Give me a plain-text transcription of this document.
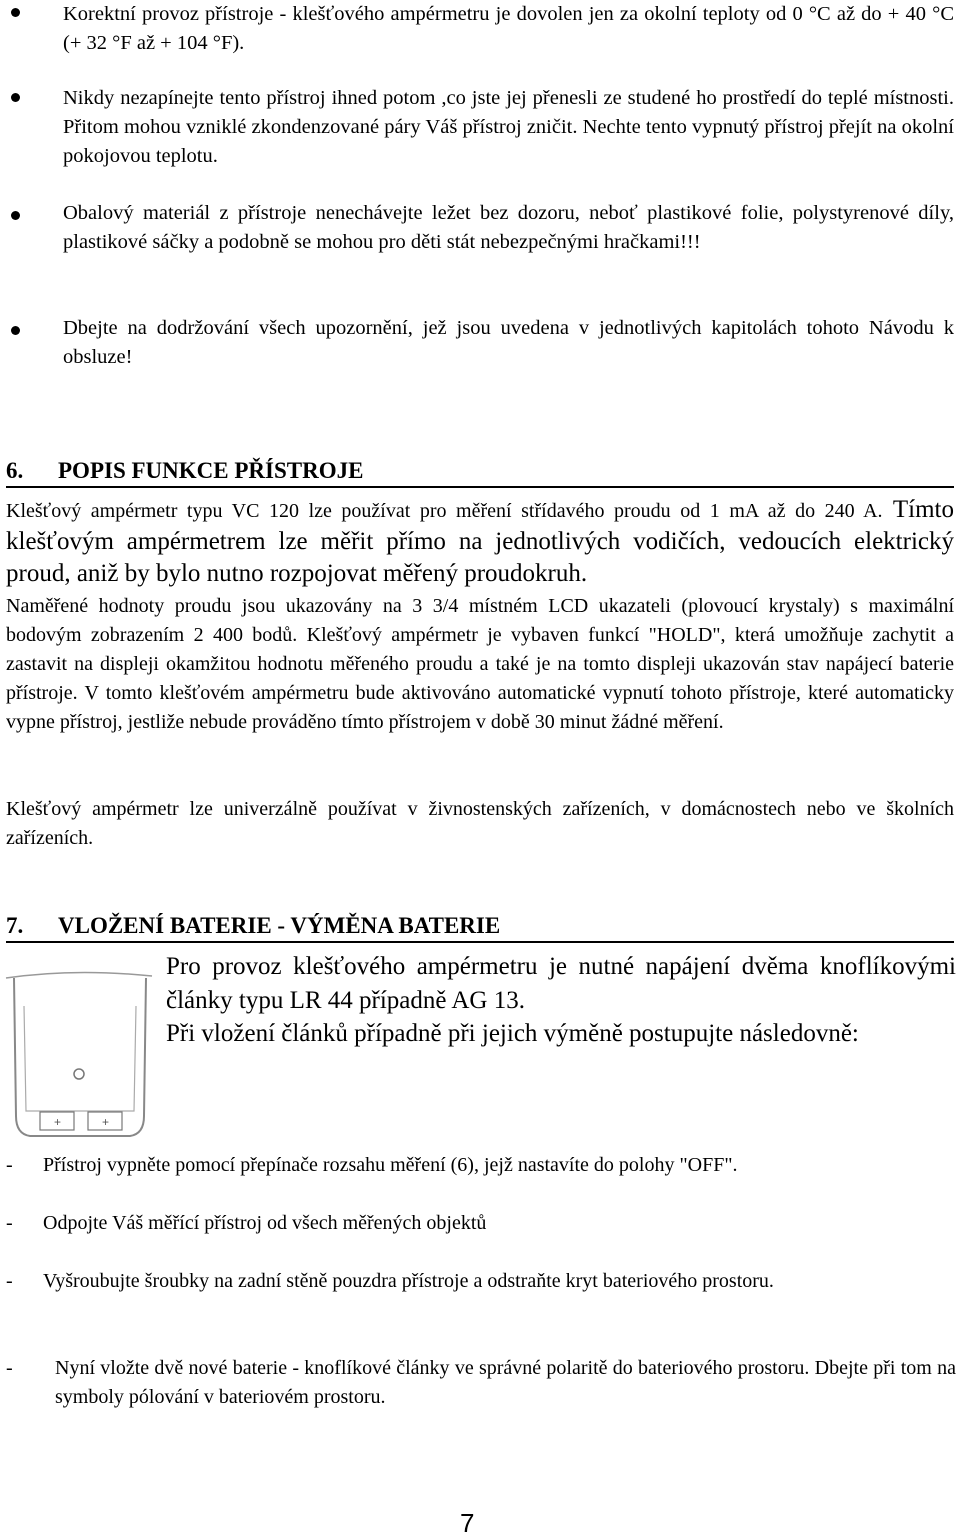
Korektní provoz přístroje - klešťového ampérmetru je dovolen jen za okolní teploty od 0 °C až do + 40 °C (+ 32 °F až + 104 °F).

Nikdy nezapínejte tento přístroj ihned potom ,co jste jej přenesli ze studené ho prostředí do teplé místnosti. Přitom mohou vzniklé zkondenzované páry Váš přístroj zničit. Nechte tento vypnutý přístroj přejít na okolní pokojovou teplotu.

Obalový materiál z přístroje nenechávejte ležet bez dozoru, neboť plastikové folie, polystyrenové díly, plastikové sáčky a podobně se mohou pro děti stát nebezpečnými hračkami!!!

Dbejte na dodržování všech upozornění, jež jsou uvedena v jednotlivých kapitolách tohoto Návodu k obsluze!

6. POPIS FUNKCE PŘÍSTROJE

Klešťový ampérmetr typu VC 120 lze používat pro měření střídavého proudu od 1 mA až do 240 A. Tímto klešťovým ampérmetrem lze měřit přímo na jednotlivých vodičích, vedoucích elektrický proud, aniž by bylo nutno rozpojovat měřený proudokruh.

Naměřené hodnoty proudu jsou ukazovány na 3 3/4 místném LCD ukazateli (plovoucí krystaly) s maximální bodovým zobrazením 2 400 bodů. Klešťový ampérmetr je vybaven funkcí "HOLD", která umožňuje zachytit a zastavit na displeji okamžitou hodnotu měřeného proudu a také je na tomto displeji ukazován stav napájecí baterie přístroje. V tomto klešťovém ampérmetru bude aktivováno automatické vypnutí tohoto přístroje, které automaticky vypne přístroj, jestliže nebude prováděno tímto přístrojem v době 30 minut žádné měření.

Klešťový ampérmetr lze univerzálně používat v živnostenských zařízeních, v domácnostech nebo ve školních zařízeních.

7. VLOŽENÍ BATERIE - VÝMĚNA BATERIE
+	+

Pro provoz klešťového ampérmetru je nutné napájení dvěma knoflíkovými články typu LR 44 případně AG 13.

Při vložení článků případně při jejich výměně postupujte následovně:

- Přístroj vypněte pomocí přepínače rozsahu měření (6), jejž nastavíte do polohy "OFF".

- Odpojte Váš měřící přístroj od všech měřených objektů

- Vyšroubujte šroubky na zadní stěně pouzdra přístroje a odstraňte kryt bateriového prostoru.

- Nyní vložte dvě nové baterie - knoflíkové články ve správné polaritě do bateriového prostoru. Dbejte při tom na symboly pólování v bateriovém prostoru.

7
